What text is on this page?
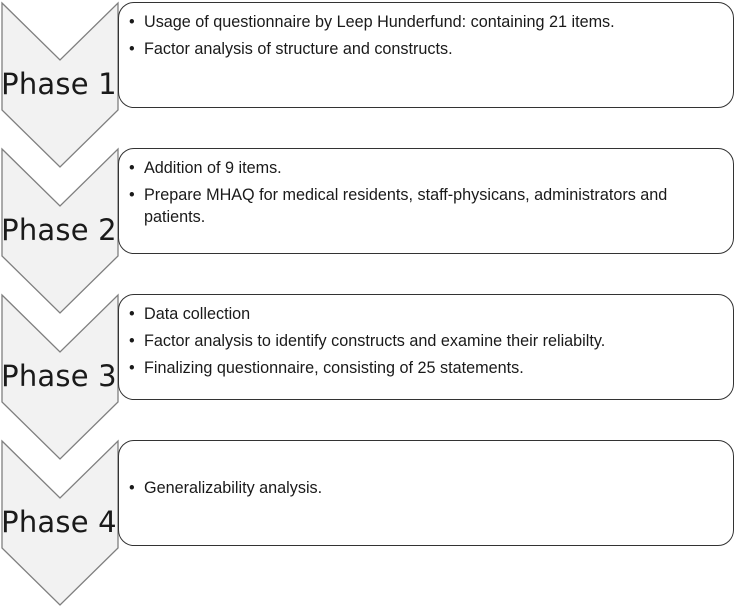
Phase 1
• Usage of questionnaire by Leep Hunderfund: containing 21 items.
• Factor analysis of structure and constructs.
Phase 2
• Addition of 9 items.
• Prepare MHAQ for medical residents, staff-physicans, administrators and patients.
Phase 3
• Data collection
• Factor analysis to identify constructs and examine their reliabilty.
• Finalizing questionnaire, consisting of 25 statements.
Phase 4
• Generalizability analysis.
